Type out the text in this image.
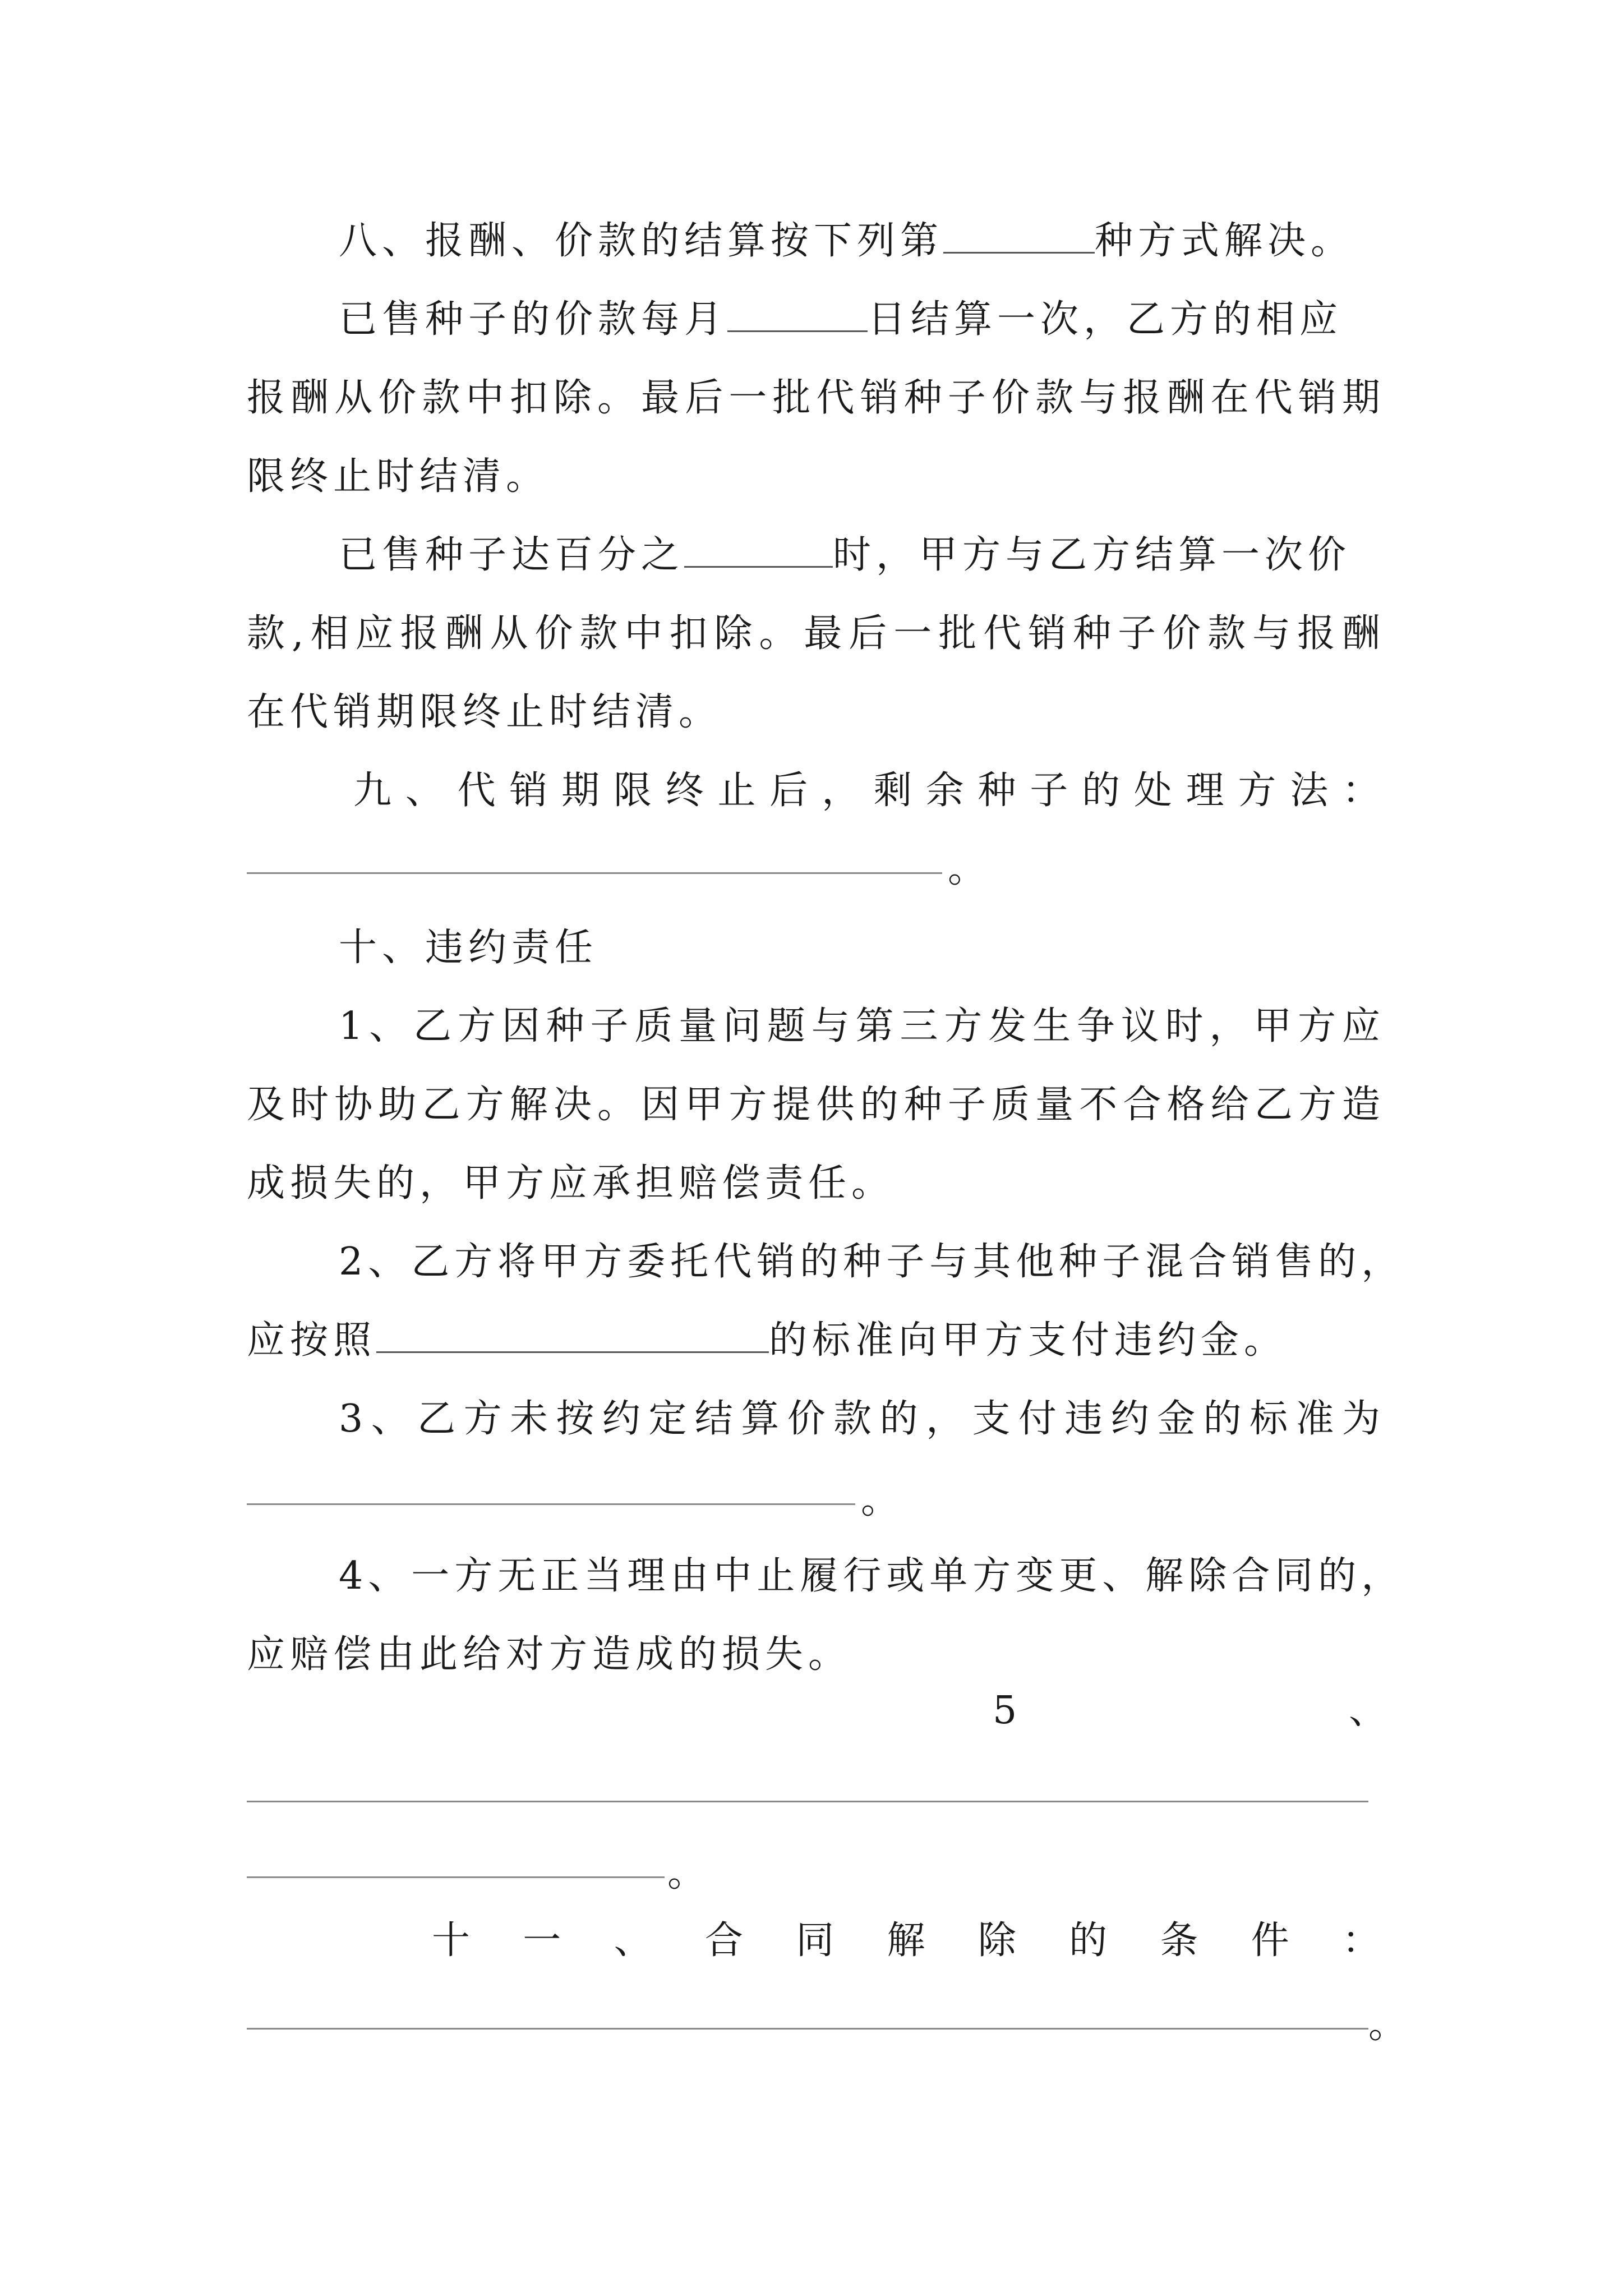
八、报酬、价款的结算按下列第	种方式解决。
已售种子的价款每月	日结算一次，乙方的相应
报酬从价款中扣除。最后一批代销种子价款与报酬在代销期
限终止时结清。
已售种子达百分之	时，甲方与乙方结算一次价
款,相应报酬从价款中扣除。最后一批代销种子价款与报酬
在代销期限终止时结清。
九、代销期限终止后，剩余种子的处理方法：
。
十、违约责任
1、乙方因种子质量问题与第三方发生争议时，甲方应
及时协助乙方解决。因甲方提供的种子质量不合格给乙方造
成损失的，甲方应承担赔偿责任。
2、乙方将甲方委托代销的种子与其他种子混合销售的，
应按照	的标准向甲方支付违约金。
3、乙方未按约定结算价款的，支付违约金的标准为
。
4、一方无正当理由中止履行或单方变更、解除合同的，
应赔偿由此给对方造成的损失。
5	、
。
十一、合同解除的条件：
。
